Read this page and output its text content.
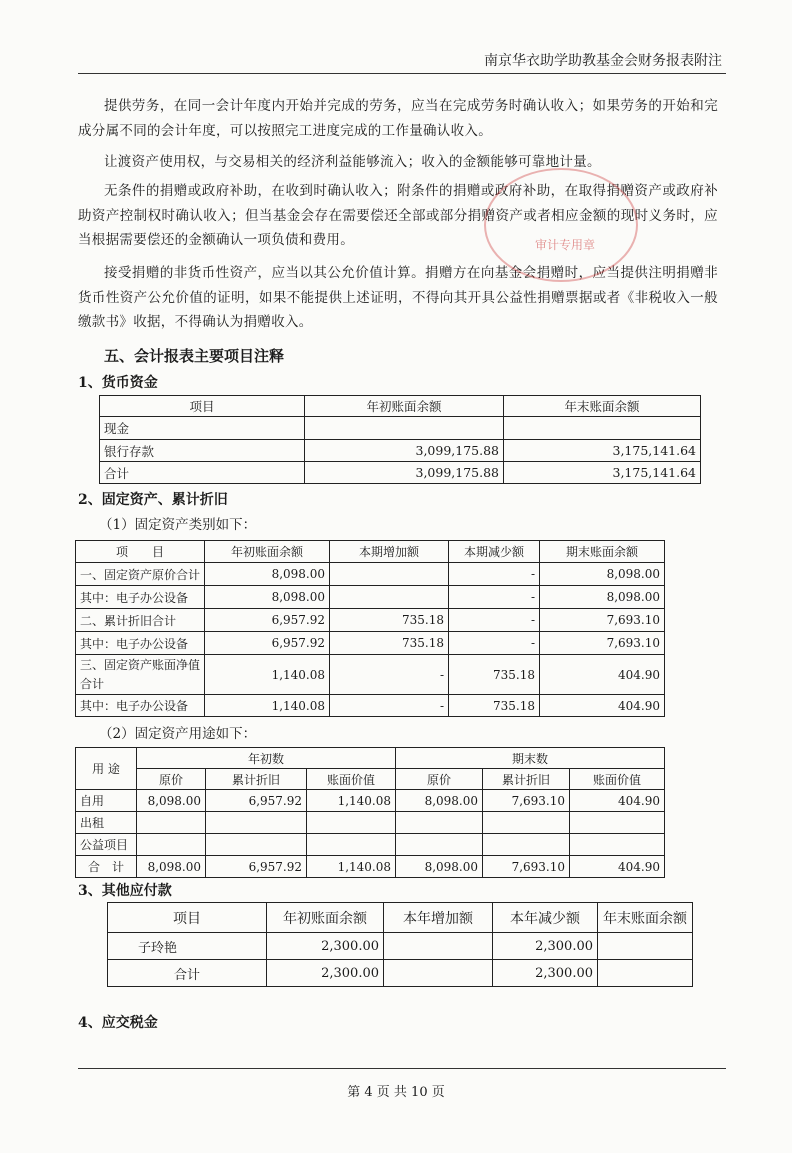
南京华衣助学助教基金会财务报表附注
提供劳务，在同一会计年度内开始并完成的劳务，应当在完成劳务时确认收入；如果劳务的开始和完成分属不同的会计年度，可以按照完工进度完成的工作量确认收入。
让渡资产使用权，与交易相关的经济利益能够流入；收入的金额能够可靠地计量。
无条件的捐赠或政府补助，在收到时确认收入；附条件的捐赠或政府补助，在取得捐赠资产或政府补助资产控制权时确认收入；但当基金会存在需要偿还全部或部分捐赠资产或者相应金额的现时义务时，应当根据需要偿还的金额确认一项负债和费用。
接受捐赠的非货币性资产，应当以其公允价值计算。捐赠方在向基金会捐赠时，应当提供注明捐赠非货币性资产公允价值的证明，如果不能提供上述证明，不得向其开具公益性捐赠票据或者《非税收入一般缴款书》收据，不得确认为捐赠收入。
审计专用章
五、会计报表主要项目注释
1、货币资金
项目	年初账面余额	年末账面余额
现金		
银行存款	3,099,175.88	3,175,141.64
合计	3,099,175.88	3,175,141.64
2、固定资产、累计折旧
（1）固定资产类别如下：
项　　目	年初账面余额	本期增加额	本期减少额	期末账面余额
一、固定资产原价合计	8,098.00		-	8,098.00
其中：电子办公设备	8,098.00		-	8,098.00
二、累计折旧合计	6,957.92	735.18	-	7,693.10
其中：电子办公设备	6,957.92	735.18	-	7,693.10
三、固定资产账面净值合计	1,140.08	-	735.18	404.90
其中：电子办公设备	1,140.08	-	735.18	404.90
（2）固定资产用途如下：
用 途	年初数			期末数		
	原价	累计折旧	账面价值	原价	累计折旧	账面价值
自用	8,098.00	6,957.92	1,140.08	8,098.00	7,693.10	404.90
出租						
公益项目						
合　计	8,098.00	6,957.92	1,140.08	8,098.00	7,693.10	404.90
3、其他应付款
项目	年初账面余额	本年增加额	本年减少额	年末账面余额
子玲艳	2,300.00		2,300.00	
合计	2,300.00		2,300.00	
4、应交税金
第 4 页 共 10 页
